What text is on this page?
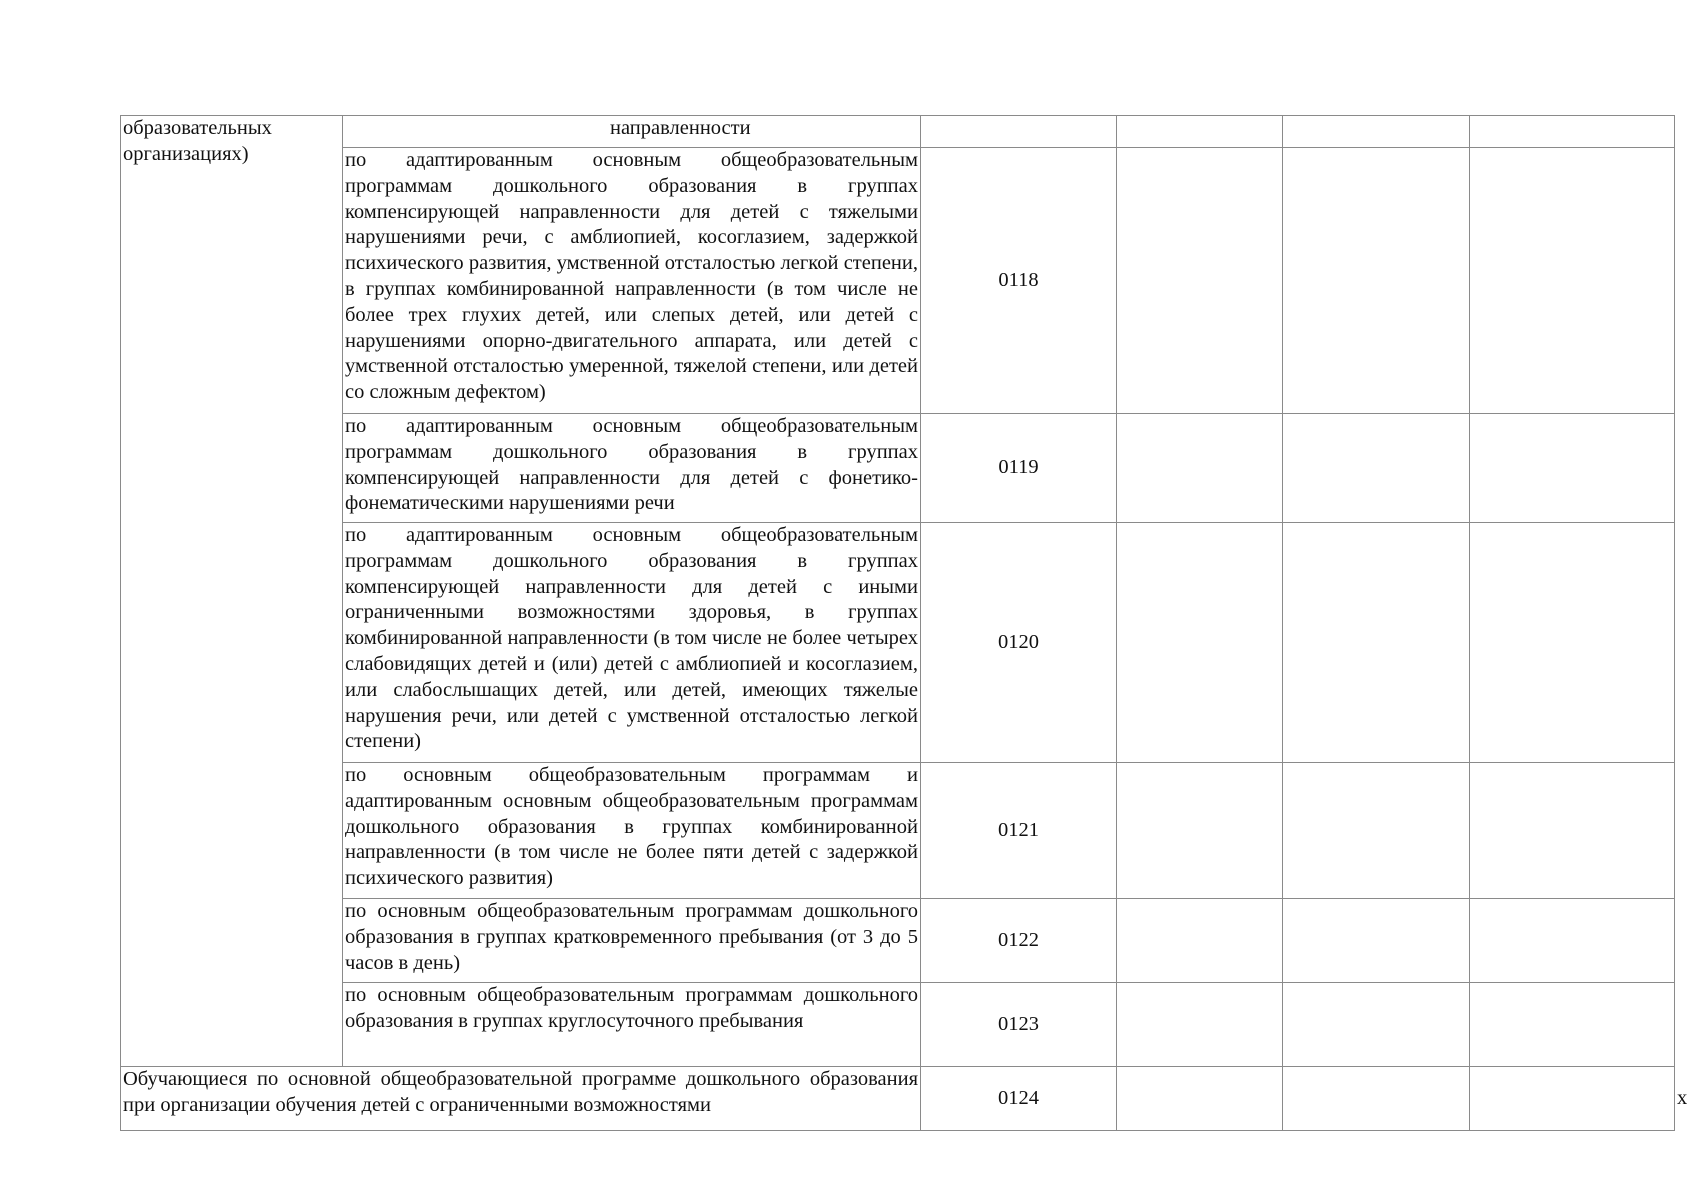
образовательных организациях)	направленности					

	по адаптированным основным общеобразовательным программам дошкольного образования в группах компенсирующей направленности для детей с тяжелыми нарушениями речи, с амблиопией, косоглазием, задержкой психического развития, умственной отсталостью легкой степени, в группах комбинированной направленности (в том числе не более трех глухих детей, или слепых детей, или детей с нарушениями опорно-двигательного аппарата, или детей с умственной отсталостью умеренной, тяжелой степени, или детей со сложным дефектом)	0118				

	по адаптированным основным общеобразовательным программам дошкольного образования в группах компенсирующей направленности для детей с фонетико-фонематическими нарушениями речи	0119				

	по адаптированным основным общеобразовательным программам дошкольного образования в группах компенсирующей направленности для детей с иными ограниченными возможностями здоровья, в группах комбинированной направленности (в том числе не более четырех слабовидящих детей и (или) детей с амблиопией и косоглазием, или слабослышащих детей, или детей, имеющих тяжелые нарушения речи, или детей с умственной отсталостью легкой степени)	0120				

	по основным общеобразовательным программам и адаптированным основным общеобразовательным программам дошкольного образования в группах комбинированной направленности (в том числе не более пяти детей с задержкой психического развития)	0121				

	по основным общеобразовательным программам дошкольного образования в группах кратковременного пребывания (от 3 до 5 часов в день)	0122				

	по основным общеобразовательным программам дошкольного образования в группах круглосуточного пребывания	0123				

Обучающиеся по основной общеобразовательной программе дошкольного образования при организации обучения детей с ограниченными возможностями		0124				x
